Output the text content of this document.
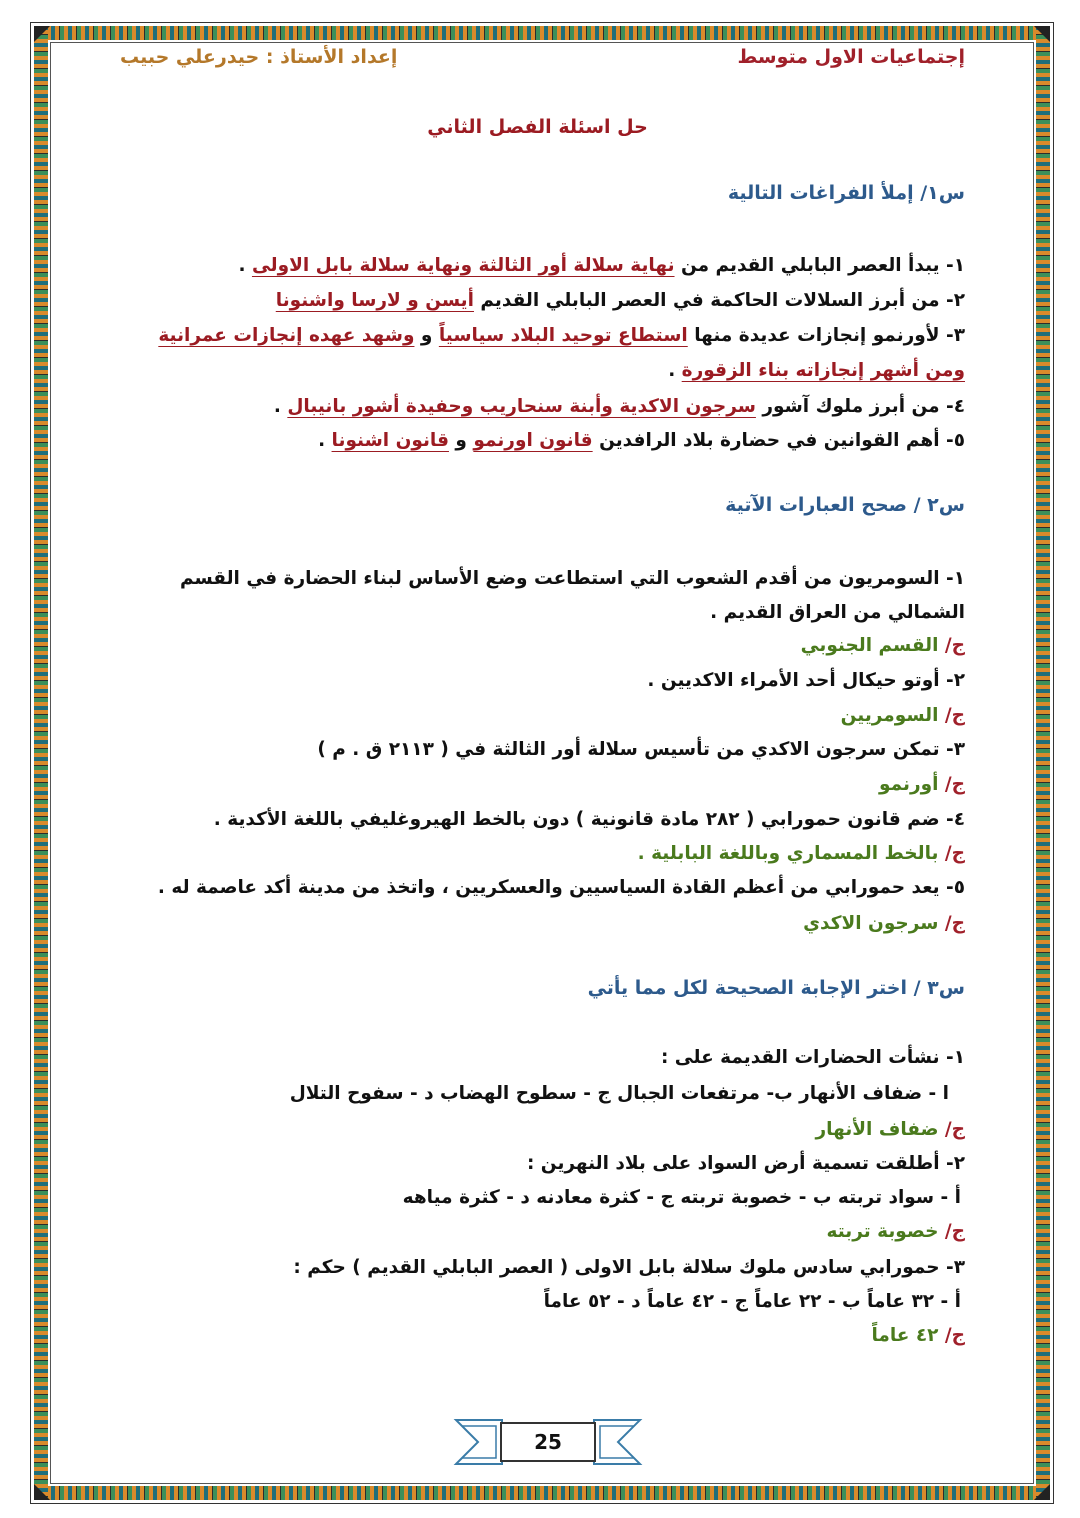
إجتماعيات الاول متوسط
إعداد الأستاذ : حيدرعلي حبيب
حل اسئلة الفصل الثاني
س١/ إملأ الفراغات التالية
١- يبدأ العصر البابلي القديم من نهاية سلالة أور الثالثة ونهاية سلالة بابل الاولى .
٢- من أبرز السلالات الحاكمة في العصر البابلي القديم أيسن و لارسا واشنونا
٣- لأورنمو إنجازات عديدة منها استطاع توحيد البلاد سياسياً و وشهد عهده إنجازات عمرانية
ومن أشهر إنجازاته بناء الزقورة .
٤- من أبرز ملوك آشور سرجون الاكدية وأبنة سنحاريب وحفيدة أشور بانيبال .
٥- أهم القوانين في حضارة بلاد الرافدين قانون اورنمو و قانون اشنونا .
س٢ / صحح العبارات الآتية
١- السومريون من أقدم الشعوب التي استطاعت وضع الأساس لبناء الحضارة في القسم الشمالي من العراق القديم .
ج/ القسم الجنوبي
٢- أوتو حيكال أحد الأمراء الاكديين .
ج/ السومريين
٣- تمكن سرجون الاكدي من تأسيس سلالة أور الثالثة في ( ٢١١٣ ق . م )
ج/ أورنمو
٤- ضم قانون حمورابي ( ٢٨٢ مادة قانونية ) دون بالخط الهيروغليفي باللغة الأكدية .
ج/ بالخط المسماري وباللغة البابلية .
٥- يعد حمورابي من أعظم القادة السياسيين والعسكريين ، واتخذ من مدينة أكد عاصمة له .
ج/ سرجون الاكدي
س٣ / اختر الإجابة الصحيحة لكل مما يأتي
١- نشأت الحضارات القديمة على :
ا - ضفاف الأنهار ب- مرتفعات الجبال ج - سطوح الهضاب د - سفوح التلال
ج/ ضفاف الأنهار
٢- أطلقت تسمية أرض السواد على بلاد النهرين :
أ - سواد تربته ب - خصوبة تربته ج - كثرة معادنه د - كثرة مياهه
ج/ خصوبة تربته
٣- حمورابي سادس ملوك سلالة بابل الاولى ( العصر البابلي القديم ) حكم :
أ - ٣٢ عاماً ب - ٢٢ عاماً ج - ٤٢ عاماً د - ٥٢ عاماً
ج/ ٤٢ عاماً
25
